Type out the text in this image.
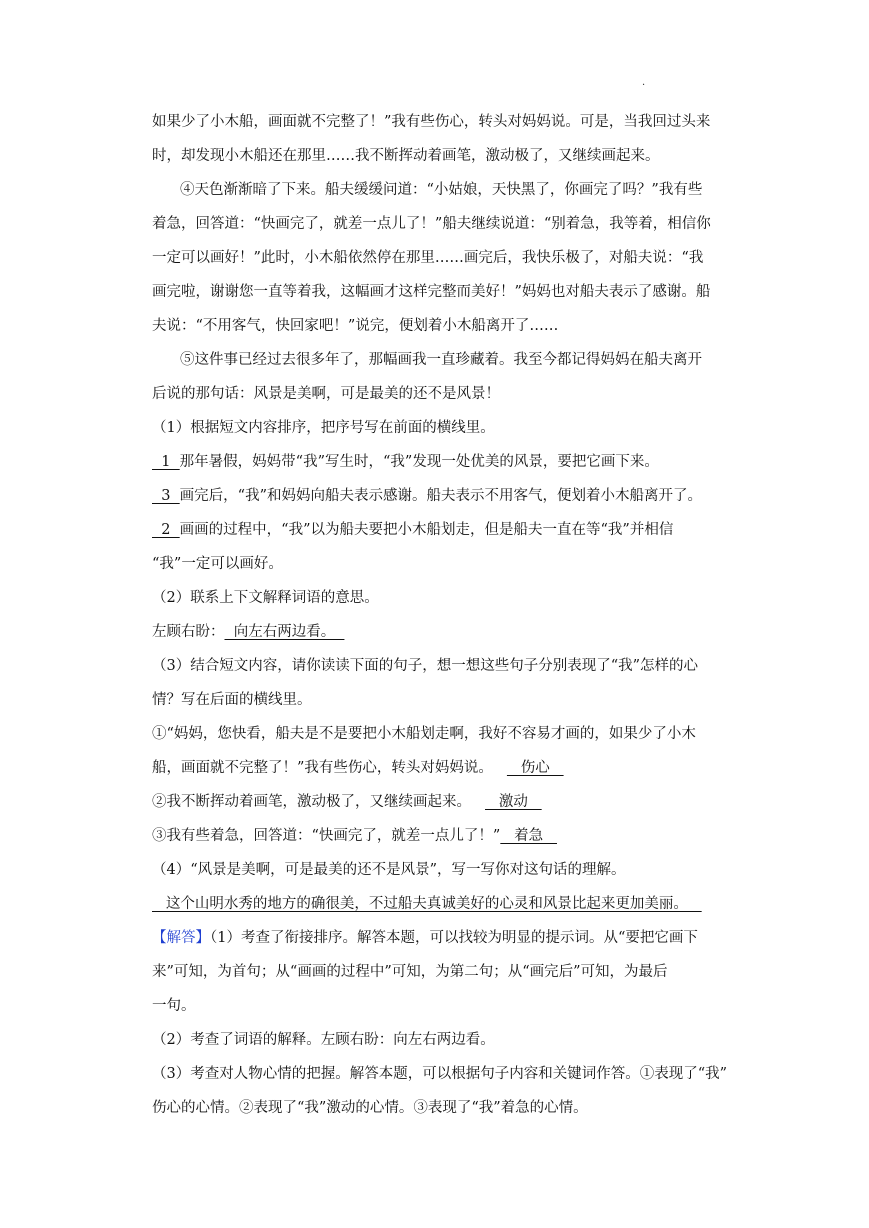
·
如果少了小木船，画面就不完整了！”我有些伤心，转头对妈妈说。可是，当我回过头来
时，却发现小木船还在那里……我不断挥动着画笔，激动极了，又继续画起来。
④天色渐渐暗了下来。船夫缓缓问道：“小姑娘，天快黑了，你画完了吗？”我有些
着急，回答道：“快画完了，就差一点儿了！”船夫继续说道：“别着急，我等着，相信你
一定可以画好！”此时，小木船依然停在那里……画完后，我快乐极了，对船夫说：“我
画完啦，谢谢您一直等着我，这幅画才这样完整而美好！”妈妈也对船夫表示了感谢。船
夫说：“不用客气，快回家吧！”说完，便划着小木船离开了……
⑤这件事已经过去很多年了，那幅画我一直珍藏着。我至今都记得妈妈在船夫离开
后说的那句话：风景是美啊，可是最美的还不是风景！
（1）根据短文内容排序，把序号写在前面的横线里。
1  那年暑假，妈妈带“我”写生时，“我”发现一处优美的风景，要把它画下来。
3  画完后，“我”和妈妈向船夫表示感谢。船夫表示不用客气，便划着小木船离开了。
2  画画的过程中，“我”以为船夫要把小木船划走，但是船夫一直在等“我”并相信
“我”一定可以画好。
（2）联系上下文解释词语的意思。
左顾右盼：  向左右两边看。
（3）结合短文内容，请你读读下面的句子，想一想这些句子分别表现了“我”怎样的心
情？写在后面的横线里。
①“妈妈，您快看，船夫是不是要把小木船划走啊，我好不容易才画的，如果少了小木
船，画面就不完整了！”我有些伤心，转头对妈妈说。   伤心
②我不断挥动着画笔，激动极了，又继续画起来。   激动
③我有些着急，回答道：“快画完了，就差一点儿了！”   着急
（4）“风景是美啊，可是最美的还不是风景”，写一写你对这句话的理解。
这个山明水秀的地方的确很美，不过船夫真诚美好的心灵和风景比起来更加美丽。
【解答】（1）考查了衔接排序。解答本题，可以找较为明显的提示词。从“要把它画下
来”可知，为首句；从“画画的过程中”可知，为第二句；从“画完后”可知，为最后
一句。
（2）考查了词语的解释。左顾右盼：向左右两边看。
（3）考查对人物心情的把握。解答本题，可以根据句子内容和关键词作答。①表现了“我”
伤心的心情。②表现了“我”激动的心情。③表现了“我”着急的心情。
